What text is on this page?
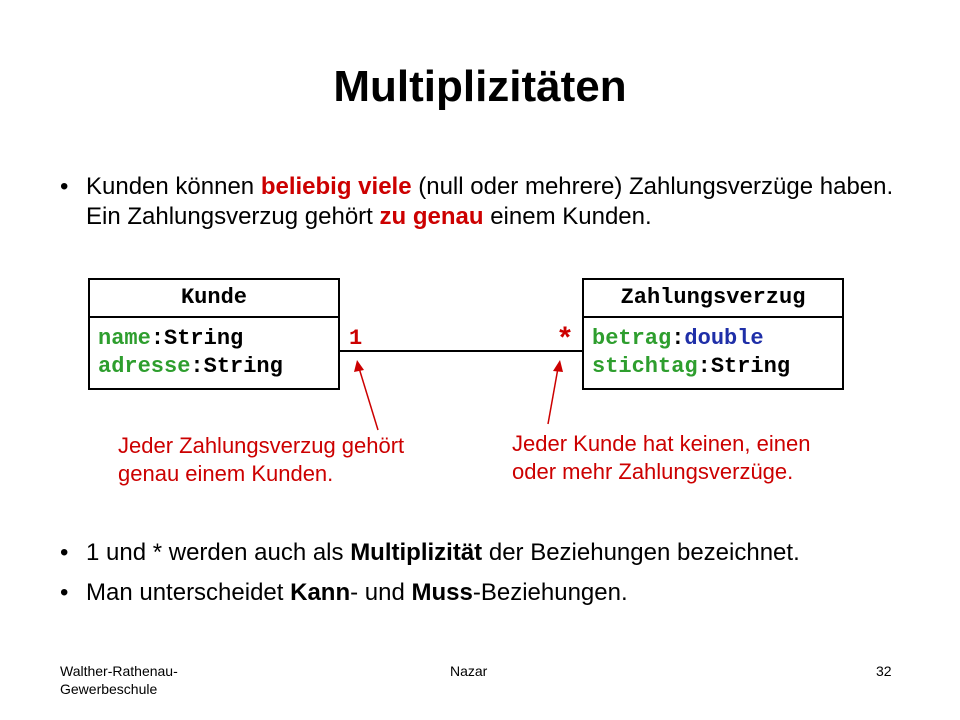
Multiplizitäten
• Kunden können beliebig viele (null oder mehrere) Zahlungsverzüge haben. Ein Zahlungsverzug gehört zu genau einem Kunden.
Kunde
name:String
adresse:String
Zahlungsverzug
betrag:double
stichtag:String
1	*
Jeder Zahlungsverzug gehört
genau einem Kunden.
Jeder Kunde hat keinen, einen
oder mehr Zahlungsverzüge.
• 1 und * werden auch als Multiplizität der Beziehungen bezeichnet.
• Man unterscheidet Kann- und Muss-Beziehungen.
Walther-Rathenau-
Gewerbeschule
Nazar	32
